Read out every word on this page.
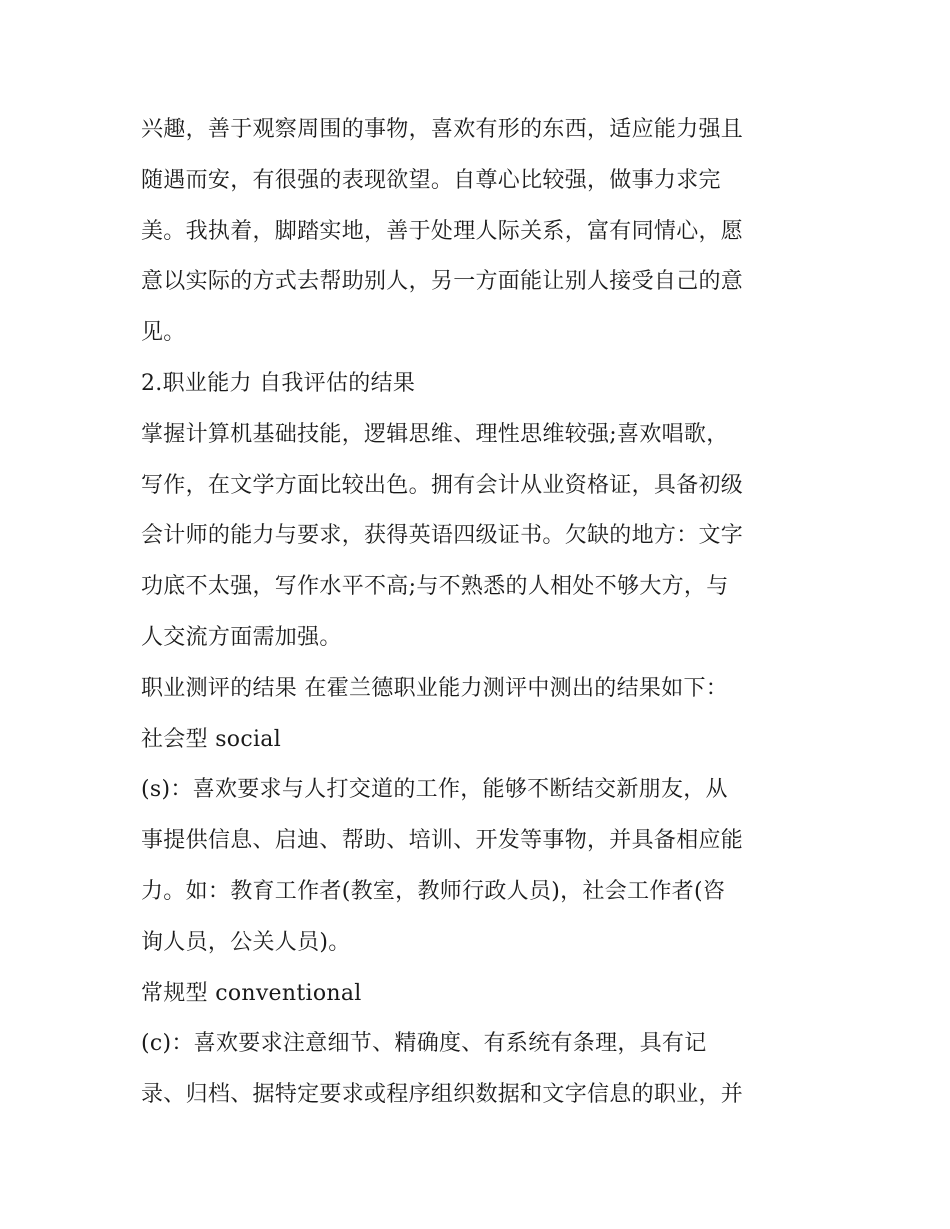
兴趣，善于观察周围的事物，喜欢有形的东西，适应能力强且
随遇而安，有很强的表现欲望。自尊心比较强，做事力求完
美。我执着，脚踏实地，善于处理人际关系，富有同情心，愿
意以实际的方式去帮助别人，另一方面能让别人接受自己的意
见。
2.职业能力 自我评估的结果
掌握计算机基础技能，逻辑思维、理性思维较强;喜欢唱歌，
写作，在文学方面比较出色。拥有会计从业资格证，具备初级
会计师的能力与要求，获得英语四级证书。欠缺的地方：文字
功底不太强，写作水平不高;与不熟悉的人相处不够大方，与
人交流方面需加强。
职业测评的结果 在霍兰德职业能力测评中测出的结果如下：
社会型 social
(s)：喜欢要求与人打交道的工作，能够不断结交新朋友，从
事提供信息、启迪、帮助、培训、开发等事物，并具备相应能
力。如：教育工作者(教室，教师行政人员)，社会工作者(咨
询人员，公关人员)。
常规型 conventional
(c)：喜欢要求注意细节、精确度、有系统有条理，具有记
录、归档、据特定要求或程序组织数据和文字信息的职业，并
